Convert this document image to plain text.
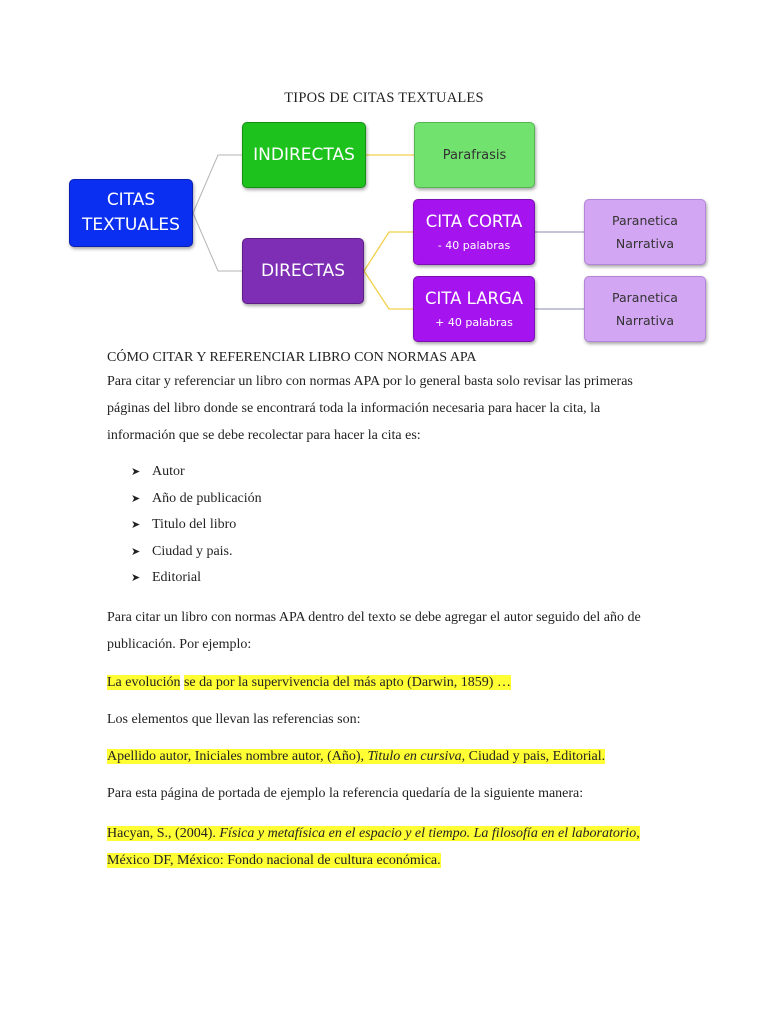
TIPOS DE CITAS TEXTUALES
CITAS
TEXTUALES
INDIRECTAS	Parafrasis
DIRECTAS
CITA CORTA
- 40 palabras
CITA LARGA
+ 40 palabras
Paranetica
Narrativa
Paranetica
Narrativa

CÓMO CITAR Y REFERENCIAR LIBRO CON NORMAS APA

Para citar y referenciar un libro con normas APA por lo general basta solo revisar las primeras páginas del libro donde se encontrará toda la información necesaria para hacer la cita, la información que se debe recolectar para hacer la cita es:

➤ Autor
➤ Año de publicación
➤ Titulo del libro
➤ Ciudad y pais.
➤ Editorial

Para citar un libro con normas APA dentro del texto se debe agregar el autor seguido del año de publicación. Por ejemplo:

La evolución se da por la supervivencia del más apto (Darwin, 1859) …

Los elementos que llevan las referencias son:

Apellido autor, Iniciales nombre autor, (Año), Titulo en cursiva, Ciudad y pais, Editorial.

Para esta página de portada de ejemplo la referencia quedaría de la siguiente manera:

Hacyan, S., (2004). Física y metafísica en el espacio y el tiempo. La filosofía en el laboratorio, México DF, México: Fondo nacional de cultura económica.
